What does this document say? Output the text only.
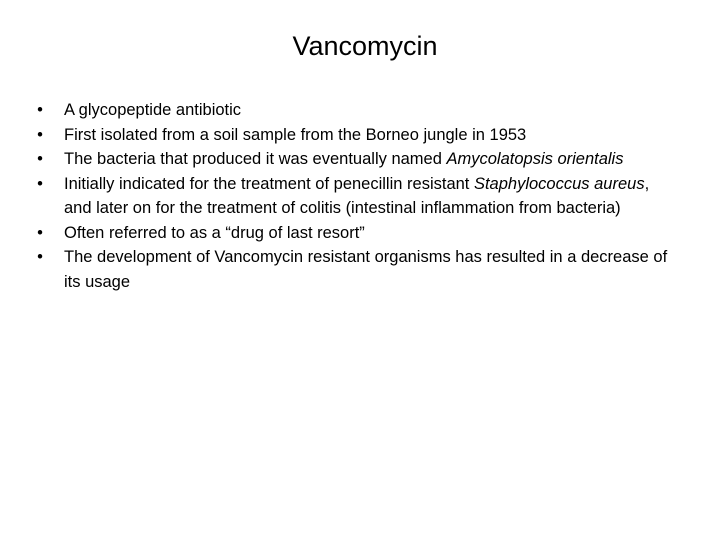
Vancomycin
•	A glycopeptide antibiotic
•	First isolated from a soil sample from the Borneo jungle in 1953
•	The bacteria that produced it was eventually named Amycolatopsis orientalis
•	Initially indicated for the treatment of penecillin resistant Staphylococcus aureus, and later on for the treatment of colitis (intestinal inflammation from bacteria)
•	Often referred to as a “drug of last resort”
•	The development of Vancomycin resistant organisms has resulted in a decrease of its usage
